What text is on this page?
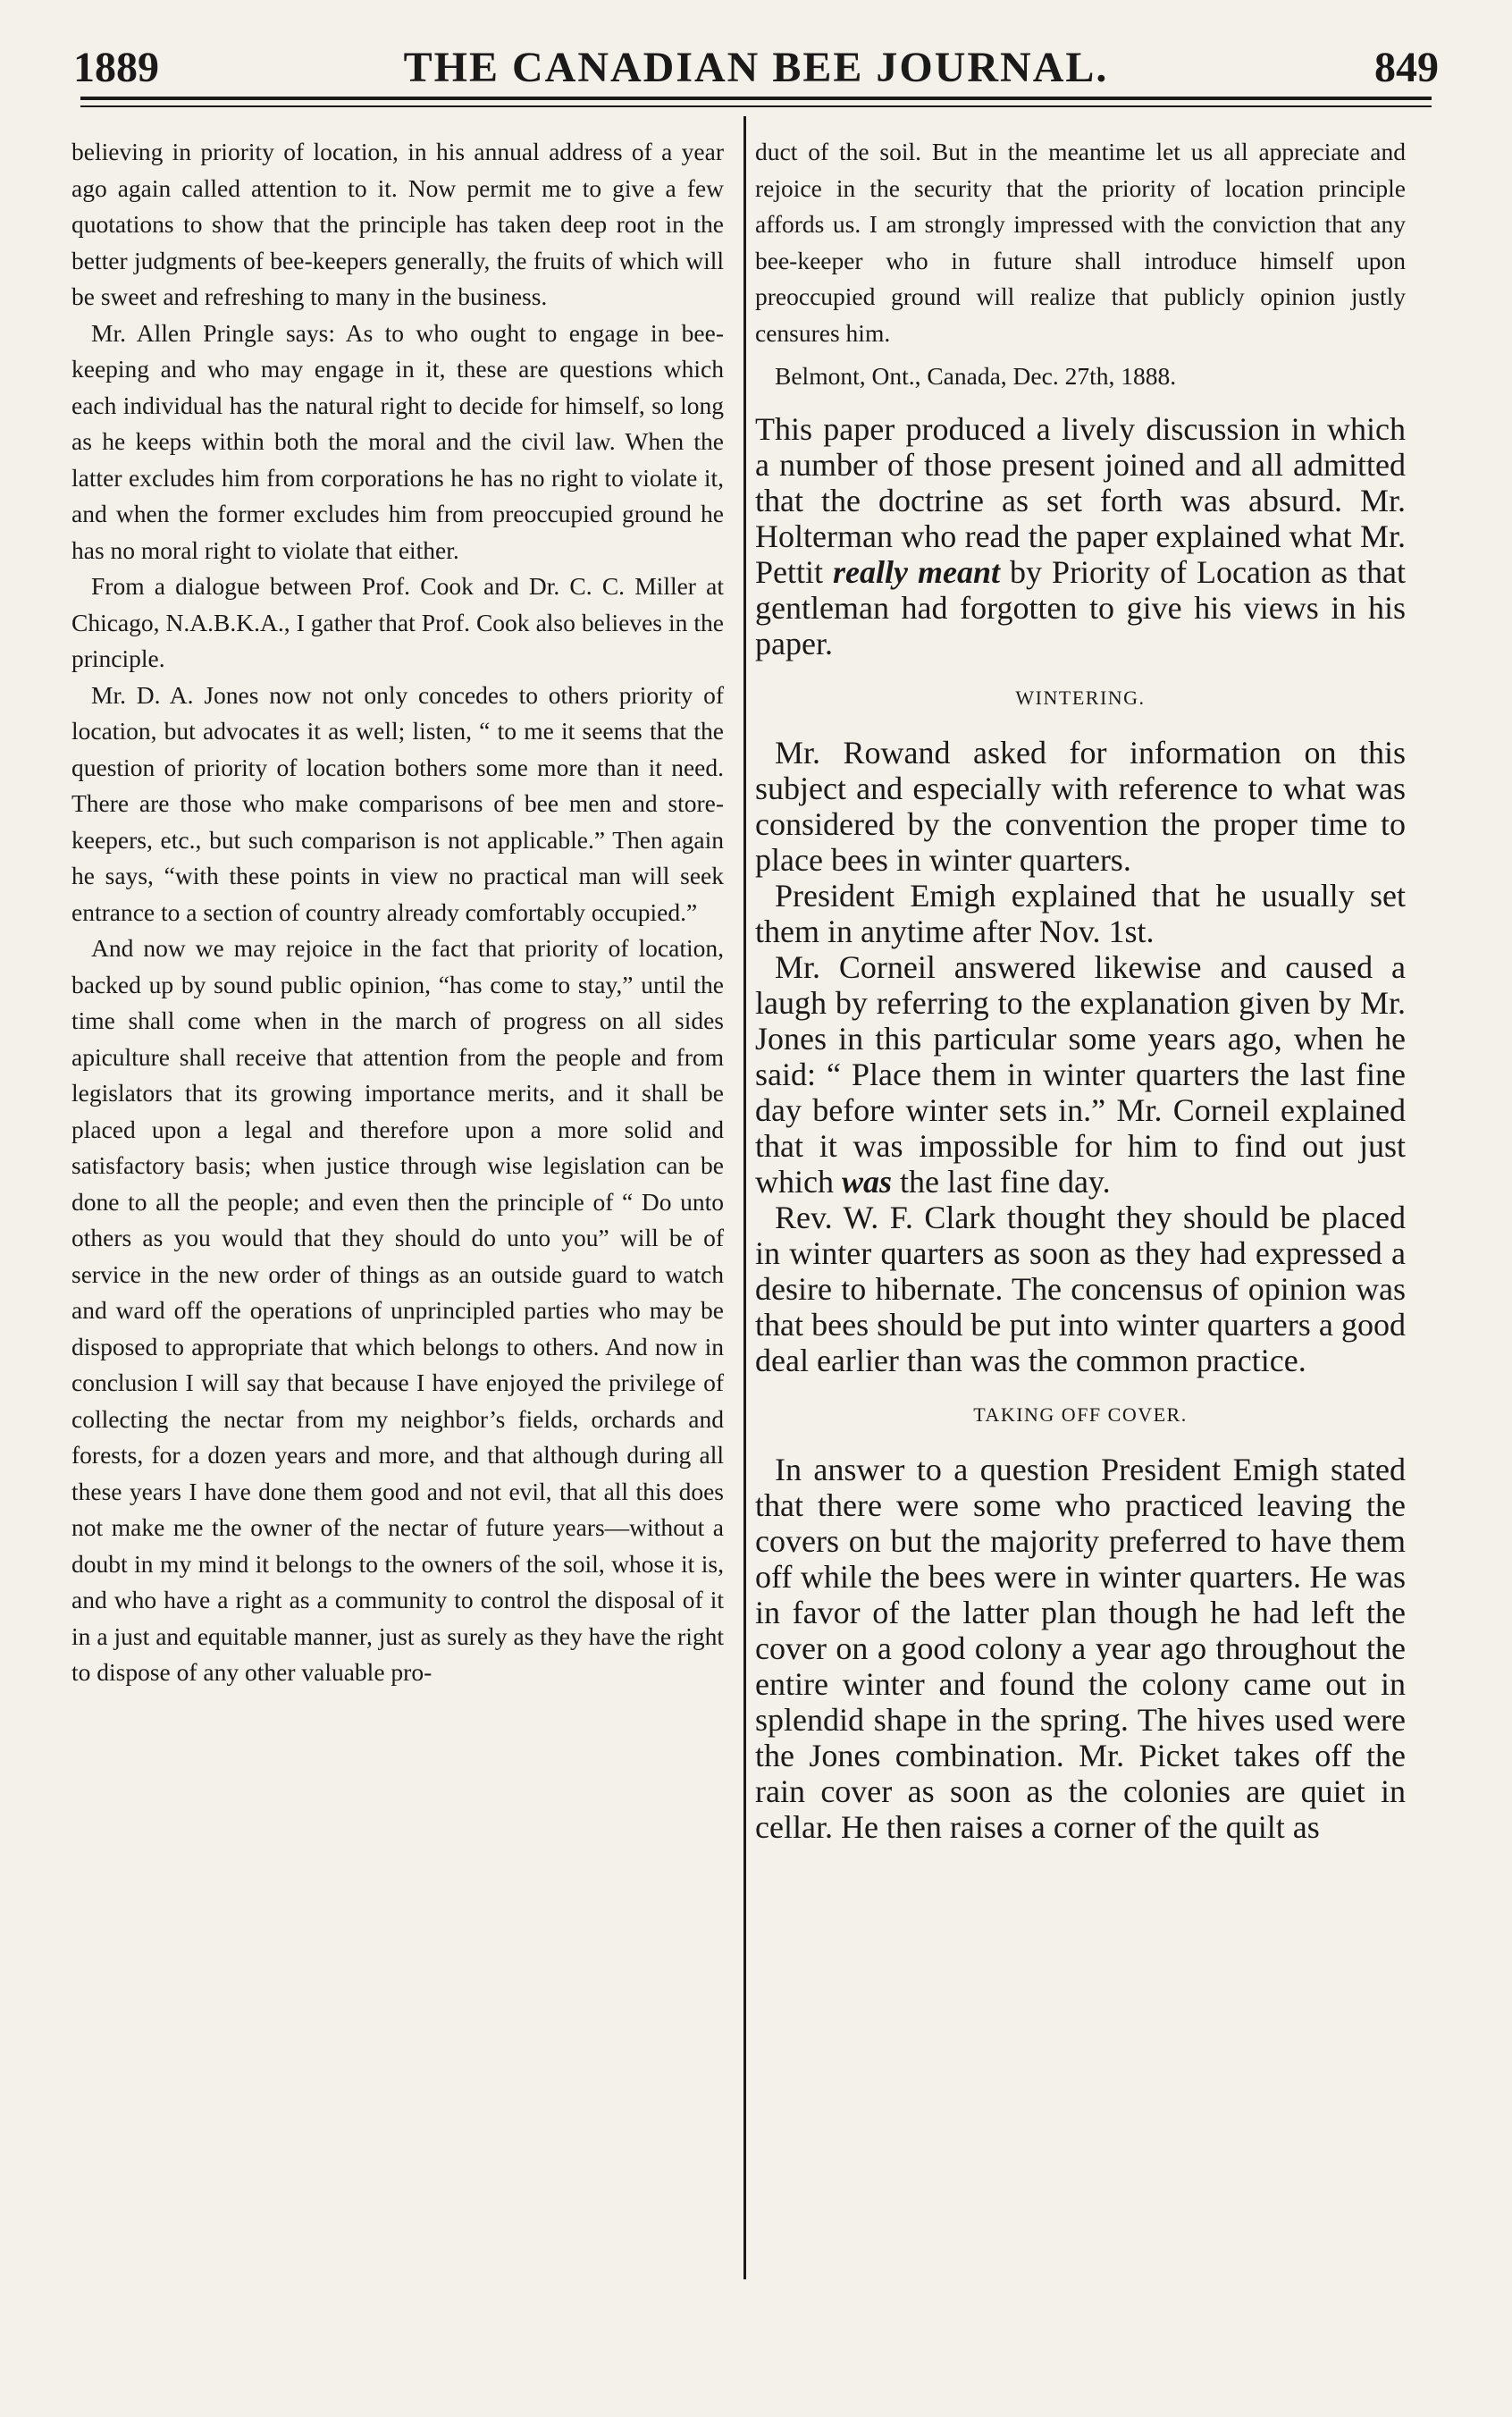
1889	THE CANADIAN BEE JOURNAL.	849

believing in priority of location, in his annual address of a year ago again called attention to it. Now permit me to give a few quotations to show that the principle has taken deep root in the better judgments of bee-keepers generally, the fruits of which will be sweet and refreshing to many in the business.

Mr. Allen Pringle says: As to who ought to engage in bee-keeping and who may engage in it, these are questions which each individual has the natural right to decide for himself, so long as he keeps within both the moral and the civil law. When the latter excludes him from corporations he has no right to violate it, and when the former excludes him from preoccupied ground he has no moral right to violate that either.

From a dialogue between Prof. Cook and Dr. C. C. Miller at Chicago, N.A.B.K.A., I gather that Prof. Cook also believes in the principle.

Mr. D. A. Jones now not only concedes to others priority of location, but advocates it as well; listen, “ to me it seems that the question of priority of location bothers some more than it need. There are those who make comparisons of bee men and store-keepers, etc., but such comparison is not applicable.” Then again he says, “with these points in view no practical man will seek entrance to a section of country already comfortably occupied.”

And now we may rejoice in the fact that priority of location, backed up by sound public opinion, “has come to stay,” until the time shall come when in the march of progress on all sides apiculture shall receive that attention from the people and from legislators that its growing importance merits, and it shall be placed upon a legal and therefore upon a more solid and satisfactory basis; when justice through wise legislation can be done to all the people; and even then the principle of “ Do unto others as you would that they should do unto you” will be of service in the new order of things as an outside guard to watch and ward off the operations of unprincipled parties who may be disposed to appropriate that which belongs to others. And now in conclusion I will say that because I have enjoyed the privilege of collecting the nectar from my neighbor’s fields, orchards and forests, for a dozen years and more, and that although during all these years I have done them good and not evil, that all this does not make me the owner of the nectar of future years—without a doubt in my mind it belongs to the owners of the soil, whose it is, and who have a right as a community to control the disposal of it in a just and equitable manner, just as surely as they have the right to dispose of any other valuable pro-

duct of the soil. But in the meantime let us all appreciate and rejoice in the security that the priority of location principle affords us. I am strongly impressed with the conviction that any bee-keeper who in future shall introduce himself upon preoccupied ground will realize that publicly opinion justly censures him.

Belmont, Ont., Canada, Dec. 27th, 1888.

This paper produced a lively discussion in which a number of those present joined and all admitted that the doctrine as set forth was absurd. Mr. Holterman who read the paper explained what Mr. Pettit really meant by Priority of Location as that gentleman had forgotten to give his views in his paper.

WINTERING.

Mr. Rowand asked for information on this subject and especially with reference to what was considered by the convention the proper time to place bees in winter quarters.

President Emigh explained that he usually set them in anytime after Nov. 1st.

Mr. Corneil answered likewise and caused a laugh by referring to the explanation given by Mr. Jones in this particular some years ago, when he said: “ Place them in winter quarters the last fine day before winter sets in.” Mr. Corneil explained that it was impossible for him to find out just which was the last fine day.

Rev. W. F. Clark thought they should be placed in winter quarters as soon as they had expressed a desire to hibernate. The concensus of opinion was that bees should be put into winter quarters a good deal earlier than was the common practice.

TAKING OFF COVER.

In answer to a question President Emigh stated that there were some who practiced leaving the covers on but the majority preferred to have them off while the bees were in winter quarters. He was in favor of the latter plan though he had left the cover on a good colony a year ago throughout the entire winter and found the colony came out in splendid shape in the spring. The hives used were the Jones combination. Mr. Picket takes off the rain cover as soon as the colonies are quiet in cellar. He then raises a corner of the quilt as
